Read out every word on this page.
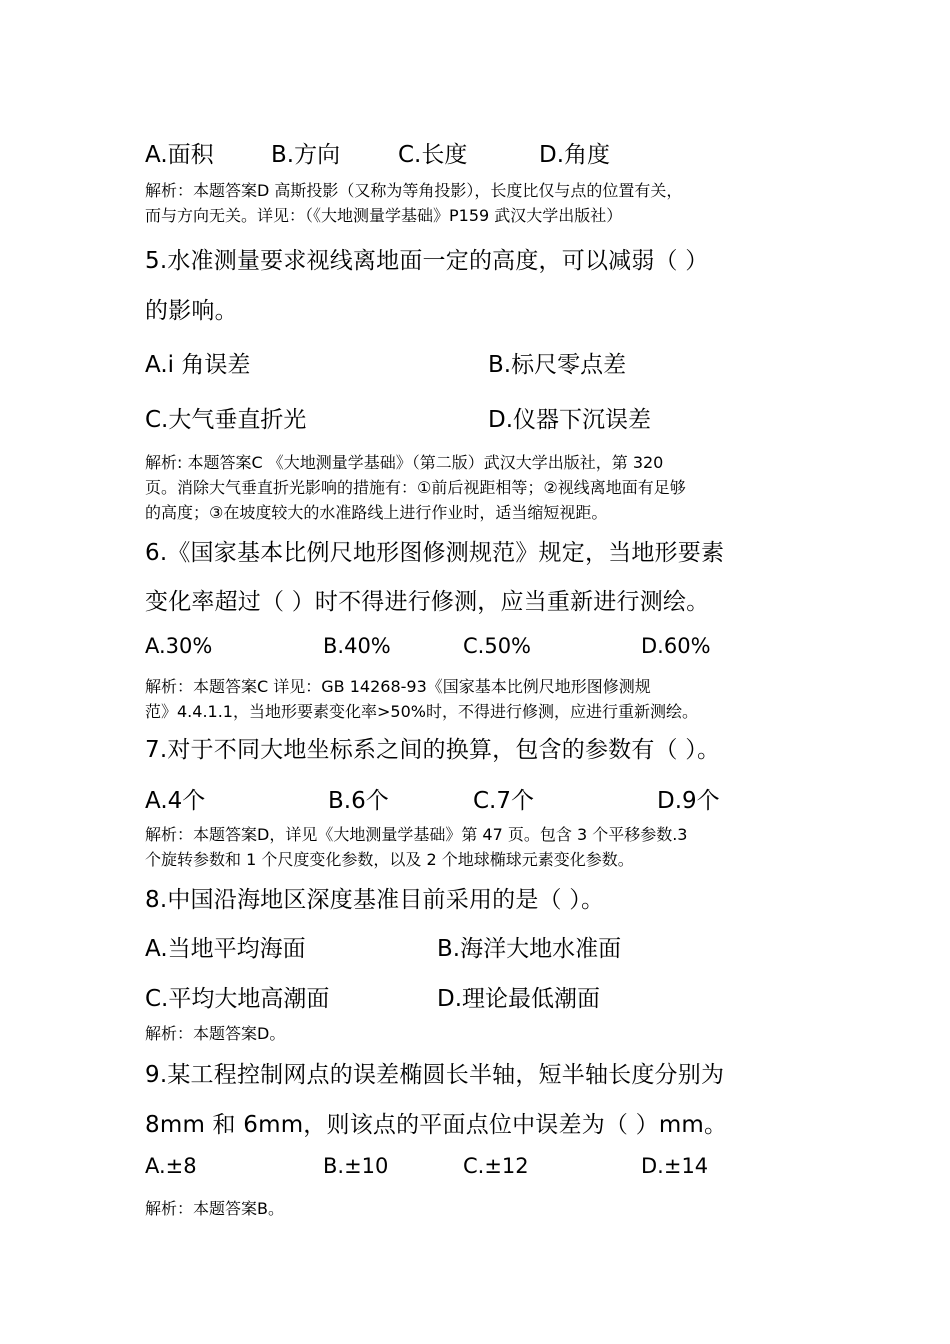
A.面积 B.方向	C.长度	D.角度
解析：本题答案D 高斯投影（又称为等角投影），长度比仅与点的位置有关，
而与方向无关。详见：（《大地测量学基础》P159 武汉大学出版社）
5.水准测量要求视线离地面一定的高度，可以减弱（ ）
的影响。
A.i 角误差	B.标尺零点差
C.大气垂直折光	D.仪器下沉误差
解析: 本题答案C 《大地测量学基础》（第二版）武汉大学出版社，第 320
页。消除大气垂直折光影响的措施有：①前后视距相等；②视线离地面有足够
的高度；③在坡度较大的水准路线上进行作业时，适当缩短视距。
6.《国家基本比例尺地形图修测规范》规定，当地形要素
变化率超过（ ）时不得进行修测，应当重新进行测绘。
A.30%	B.40%	C.50%	D.60%
解析：本题答案C 详见：GB 14268-93《国家基本比例尺地形图修测规
范》4.4.1.1，当地形要素变化率>50%时，不得进行修测，应进行重新测绘。
7.对于不同大地坐标系之间的换算，包含的参数有（ ）。
A.4个	B.6个	C.7个	D.9个
解析：本题答案D，详见《大地测量学基础》第 47 页。包含 3 个平移参数.3
个旋转参数和 1 个尺度变化参数，以及 2 个地球椭球元素变化参数。
8.中国沿海地区深度基准目前采用的是（ ）。
A.当地平均海面	B.海洋大地水准面
C.平均大地高潮面	D.理论最低潮面
解析：本题答案D。
9.某工程控制网点的误差椭圆长半轴，短半轴长度分别为
8mm 和 6mm，则该点的平面点位中误差为（ ）mm。
A.±8	B.±10	C.±12	D.±14
解析：本题答案B。
